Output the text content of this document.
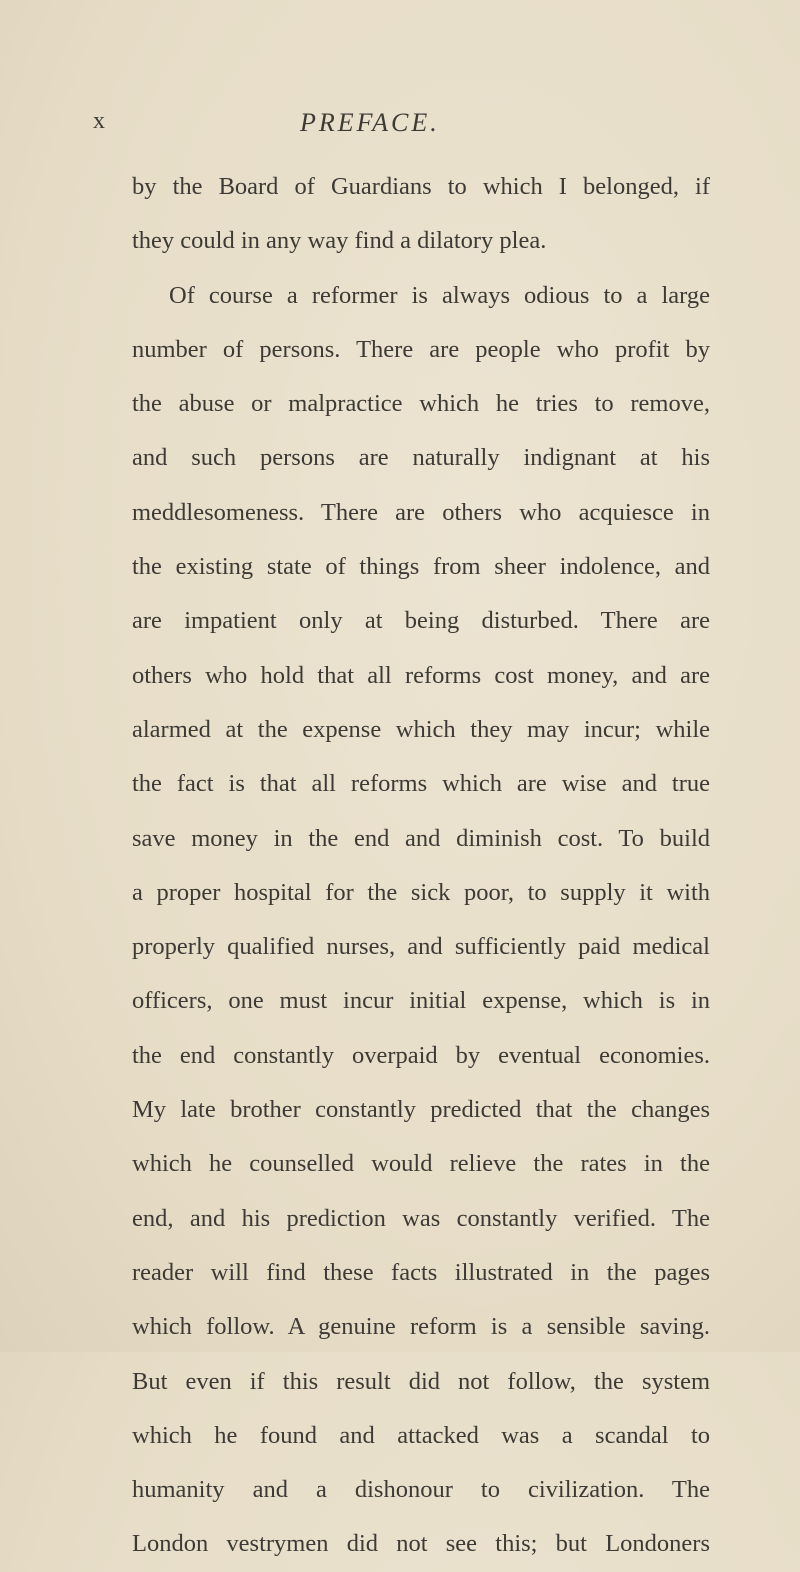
x	PREFACE.
by the Board of Guardians to which I belonged, if
they could in any way find a dilatory plea.
Of course a reformer is always odious to a large
number of persons. There are people who profit by
the abuse or malpractice which he tries to remove,
and such persons are naturally indignant at his
meddlesomeness. There are others who acquiesce in
the existing state of things from sheer indolence, and
are impatient only at being disturbed. There are
others who hold that all reforms cost money, and are
alarmed at the expense which they may incur; while
the fact is that all reforms which are wise and true
save money in the end and diminish cost. To build
a proper hospital for the sick poor, to supply it with
properly qualified nurses, and sufficiently paid medical
officers, one must incur initial expense, which is in
the end constantly overpaid by eventual economies.
My late brother constantly predicted that the changes
which he counselled would relieve the rates in the
end, and his prediction was constantly verified. The
reader will find these facts illustrated in the pages
which follow. A genuine reform is a sensible saving.
But even if this result did not follow, the system
which he found and attacked was a scandal to
humanity and a dishonour to civilization. The
London vestrymen did not see this; but Londoners
